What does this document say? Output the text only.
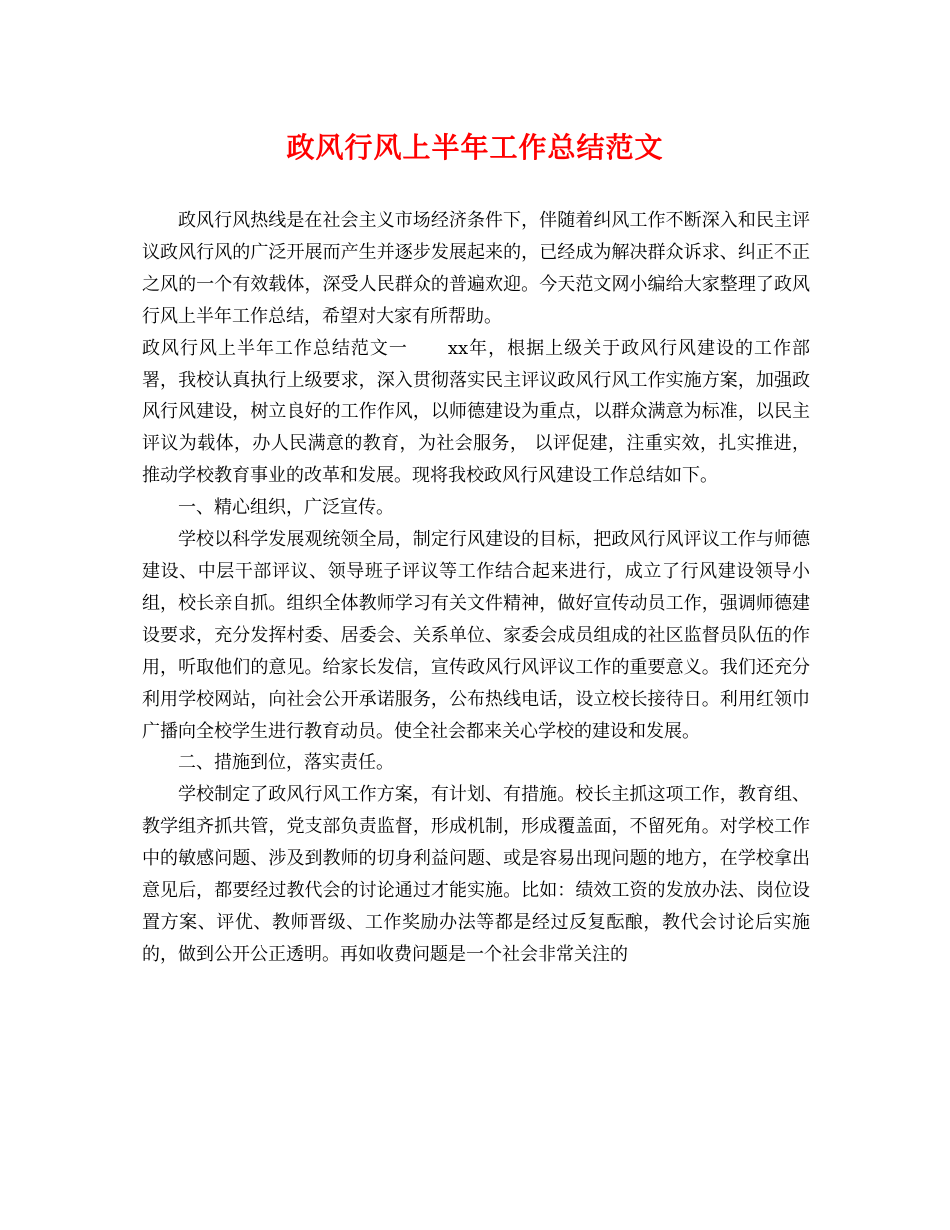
政风行风上半年工作总结范文

政风行风热线是在社会主义市场经济条件下，伴随着纠风工作不断深入和民主评议政风行风的广泛开展而产生并逐步发展起来的，已经成为解决群众诉求、纠正不正之风的一个有效载体，深受人民群众的普遍欢迎。今天范文网小编给大家整理了政风行风上半年工作总结，希望对大家有所帮助。

政风行风上半年工作总结范文一 xx年，根据上级关于政风行风建设的工作部署，我校认真执行上级要求，深入贯彻落实民主评议政风行风工作实施方案，加强政风行风建设，树立良好的工作作风，以师德建设为重点，以群众满意为标准，以民主评议为载体，办人民满意的教育，为社会服务， 以评促建，注重实效，扎实推进，推动学校教育事业的改革和发展。现将我校政风行风建设工作总结如下。

一、精心组织，广泛宣传。

学校以科学发展观统领全局，制定行风建设的目标，把政风行风评议工作与师德建设、中层干部评议、领导班子评议等工作结合起来进行，成立了行风建设领导小组，校长亲自抓。组织全体教师学习有关文件精神，做好宣传动员工作，强调师德建设要求，充分发挥村委、居委会、关系单位、家委会成员组成的社区监督员队伍的作用，听取他们的意见。给家长发信，宣传政风行风评议工作的重要意义。我们还充分利用学校网站，向社会公开承诺服务，公布热线电话，设立校长接待日。利用红领巾广播向全校学生进行教育动员。使全社会都来关心学校的建设和发展。

二、措施到位，落实责任。

学校制定了政风行风工作方案，有计划、有措施。校长主抓这项工作，教育组、教学组齐抓共管，党支部负责监督，形成机制，形成覆盖面，不留死角。对学校工作中的敏感问题、涉及到教师的切身利益问题、或是容易出现问题的地方，在学校拿出意见后，都要经过教代会的讨论通过才能实施。比如：绩效工资的发放办法、岗位设置方案、评优、教师晋级、工作奖励办法等都是经过反复酝酿，教代会讨论后实施的，做到公开公正透明。再如收费问题是一个社会非常关注的
